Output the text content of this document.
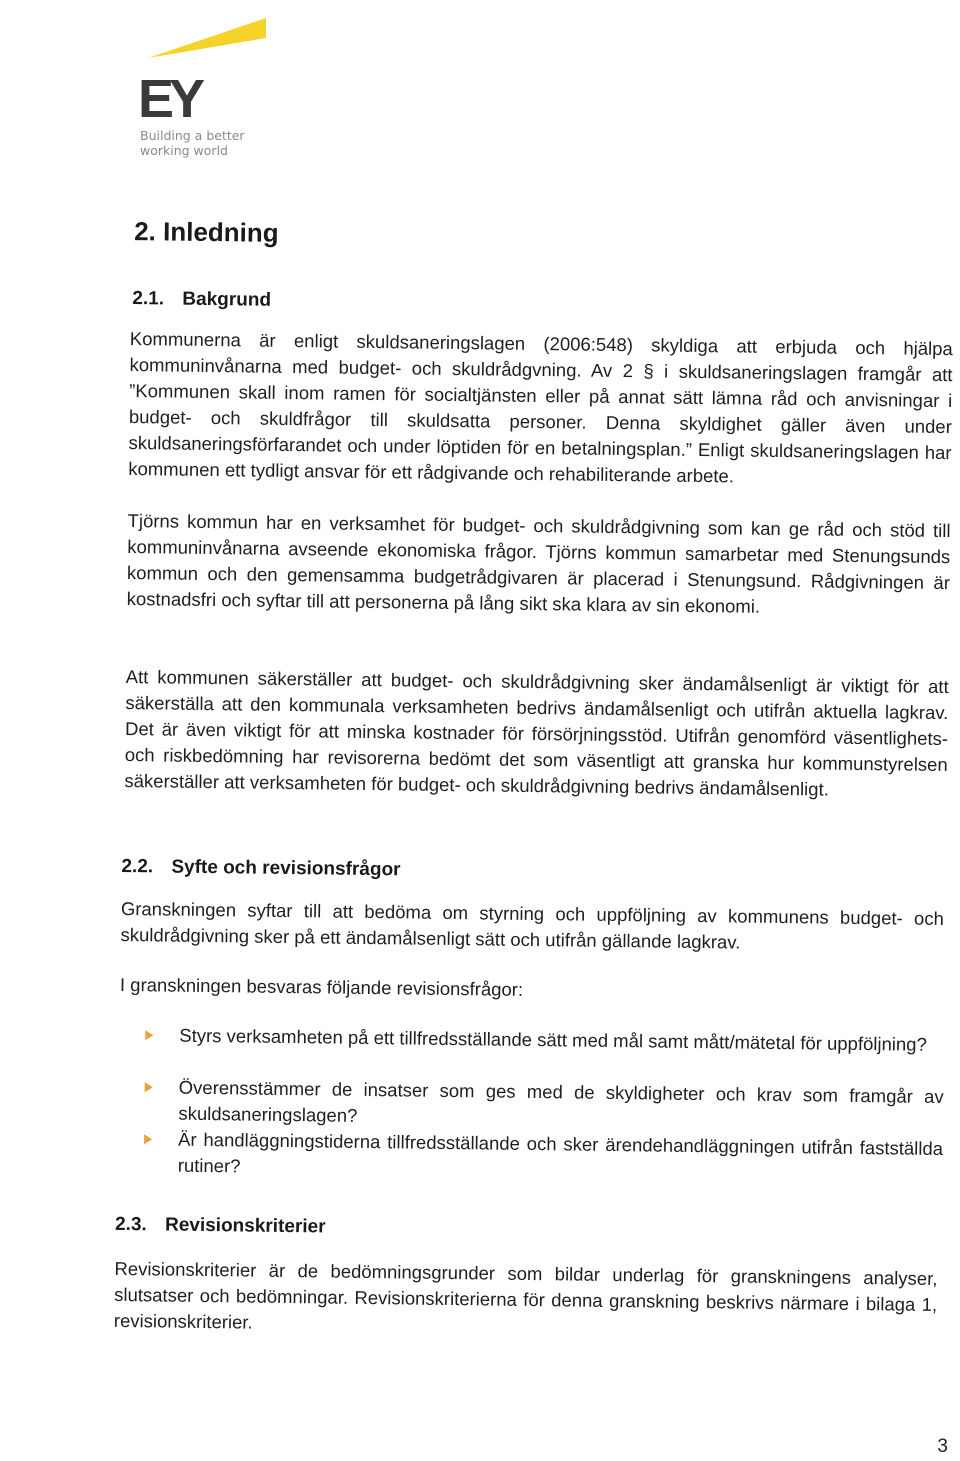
EY
Building a better
working world
2. Inledning
2.1. Bakgrund

Kommunerna är enligt skuldsaneringslagen (2006:548) skyldiga att erbjuda och hjälpa kommuninvånarna med budget- och skuldrådgvning. Av 2 § i skuldsaneringslagen framgår att ”Kommunen skall inom ramen för socialtjänsten eller på annat sätt lämna råd och anvisningar i budget- och skuldfrågor till skuldsatta personer. Denna skyldighet gäller även under skuldsaneringsförfarandet och under löptiden för en betalningsplan.” Enligt skuldsaneringslagen har kommunen ett tydligt ansvar för ett rådgivande och rehabiliterande arbete.

Tjörns kommun har en verksamhet för budget- och skuldrådgivning som kan ge råd och stöd till kommuninvånarna avseende ekonomiska frågor. Tjörns kommun samarbetar med Stenungsunds kommun och den gemensamma budgetrådgivaren är placerad i Stenungsund. Rådgivningen är kostnadsfri och syftar till att personerna på lång sikt ska klara av sin ekonomi.

Att kommunen säkerställer att budget- och skuldrådgivning sker ändamålsenligt är viktigt för att säkerställa att den kommunala verksamheten bedrivs ändamålsenligt och utifrån aktuella lagkrav. Det är även viktigt för att minska kostnader för försörjningsstöd. Utifrån genomförd väsentlighets- och riskbedömning har revisorerna bedömt det som väsentligt att granska hur kommunstyrelsen säkerställer att verksamheten för budget- och skuldrådgivning bedrivs ändamålsenligt.

2.2. Syfte och revisionsfrågor

Granskningen syftar till att bedöma om styrning och uppföljning av kommunens budget- och skuldrådgivning sker på ett ändamålsenligt sätt och utifrån gällande lagkrav.

I granskningen besvaras följande revisionsfrågor:

Styrs verksamheten på ett tillfredsställande sätt med mål samt mått/mätetal för uppföljning?
Överensstämmer de insatser som ges med de skyldigheter och krav som framgår av skuldsaneringslagen?
Är handläggningstiderna tillfredsställande och sker ärendehandläggningen utifrån fastställda rutiner?
2.3. Revisionskriterier

Revisionskriterier är de bedömningsgrunder som bildar underlag för granskningens analyser, slutsatser och bedömningar. Revisionskriterierna för denna granskning beskrivs närmare i bilaga 1, revisionskriterier.

3
